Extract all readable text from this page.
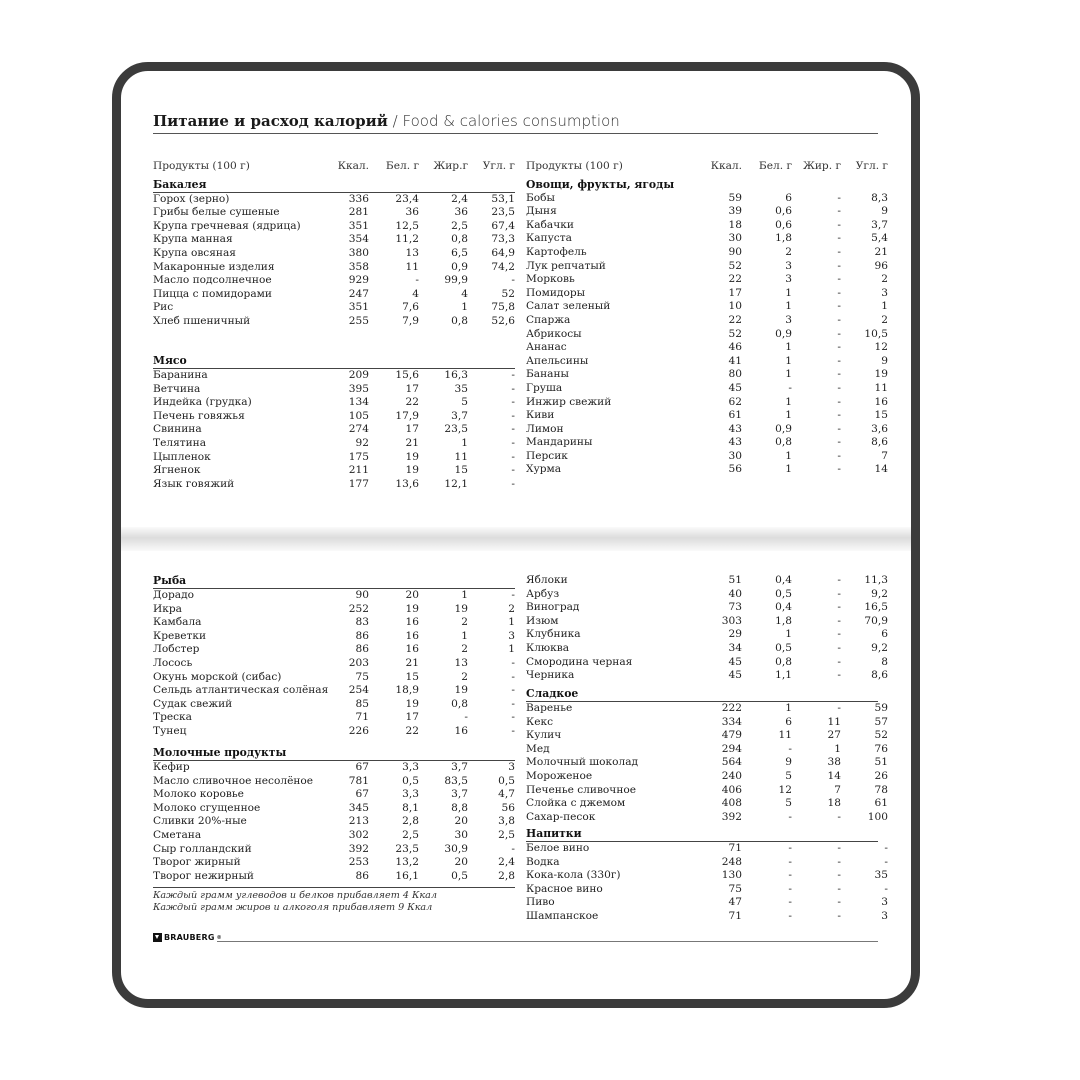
Питание и расход калорий / Food & calories consumption
Продукты (100 г)	Ккал.	Бел. г	Жир.г	Угл. г
Бакалея
Горох (зерно)	336	23,4	2,4	53,1
Грибы белые сушеные	281	36	36	23,5
Крупа гречневая (ядрица)	351	12,5	2,5	67,4
Крупа манная	354	11,2	0,8	73,3
Крупа овсяная	380	13	6,5	64,9
Макаронные изделия	358	11	0,9	74,2
Масло подсолнечное	929	-	99,9	-
Пицца с помидорами	247	4	4	52
Рис	351	7,6	1	75,8
Хлеб пшеничный	255	7,9	0,8	52,6
Мясо
Баранина	209	15,6	16,3	-
Ветчина	395	17	35	-
Индейка (грудка)	134	22	5	-
Печень говяжья	105	17,9	3,7	-
Свинина	274	17	23,5	-
Телятина	92	21	1	-
Цыпленок	175	19	11	-
Ягненок	211	19	15	-
Язык говяжий	177	13,6	12,1	-
Продукты (100 г)	Ккал.	Бел. г	Жир. г	Угл. г
Овощи, фрукты, ягоды
Бобы	59	6	-	8,3
Дыня	39	0,6	-	9
Кабачки	18	0,6	-	3,7
Капуста	30	1,8	-	5,4
Картофель	90	2	-	21
Лук репчатый	52	3	-	96
Морковь	22	3	-	2
Помидоры	17	1	-	3
Салат зеленый	10	1	-	1
Спаржа	22	3	-	2
Абрикосы	52	0,9	-	10,5
Ананас	46	1	-	12
Апельсины	41	1	-	9
Бананы	80	1	-	19
Груша	45	-	-	11
Инжир свежий	62	1	-	16
Киви	61	1	-	15
Лимон	43	0,9	-	3,6
Мандарины	43	0,8	-	8,6
Персик	30	1	-	7
Хурма	56	1	-	14
Рыба
Дорадо	90	20	1	-
Икра	252	19	19	2
Камбала	83	16	2	1
Креветки	86	16	1	3
Лобстер	86	16	2	1
Лосось	203	21	13	-
Окунь морской (сибас)	75	15	2	-
Сельдь атлантическая солёная	254	18,9	19	-
Судак свежий	85	19	0,8	-
Треска	71	17	-	-
Тунец	226	22	16	-
Молочные продукты
Кефир	67	3,3	3,7	3
Масло сливочное несолёное	781	0,5	83,5	0,5
Молоко коровье	67	3,3	3,7	4,7
Молоко сгущенное	345	8,1	8,8	56
Сливки 20%-ные	213	2,8	20	3,8
Сметана	302	2,5	30	2,5
Сыр голландский	392	23,5	30,9	-
Творог жирный	253	13,2	20	2,4
Творог нежирный	86	16,1	0,5	2,8
Яблоки	51	0,4	-	11,3
Арбуз	40	0,5	-	9,2
Виноград	73	0,4	-	16,5
Изюм	303	1,8	-	70,9
Клубника	29	1	-	6
Клюква	34	0,5	-	9,2
Смородина черная	45	0,8	-	8
Черника	45	1,1	-	8,6
Сладкое
Варенье	222	1	-	59
Кекс	334	6	11	57
Кулич	479	11	27	52
Мед	294	-	1	76
Молочный шоколад	564	9	38	51
Мороженое	240	5	14	26
Печенье сливочное	406	12	7	78
Слойка с джемом	408	5	18	61
Сахар-песок	392	-	-	100
Напитки
Белое вино	71	-	-	-
Водка	248	-	-	-
Кока-кола (330г)	130	-	-	35
Красное вино	75	-	-	-
Пиво	47	-	-	3
Шампанское	71	-	-	3
Каждый грамм углеводов и белков прибавляет 4 Ккал
Каждый грамм жиров и алкоголя прибавляет 9 Ккал
BRAUBERG ®
